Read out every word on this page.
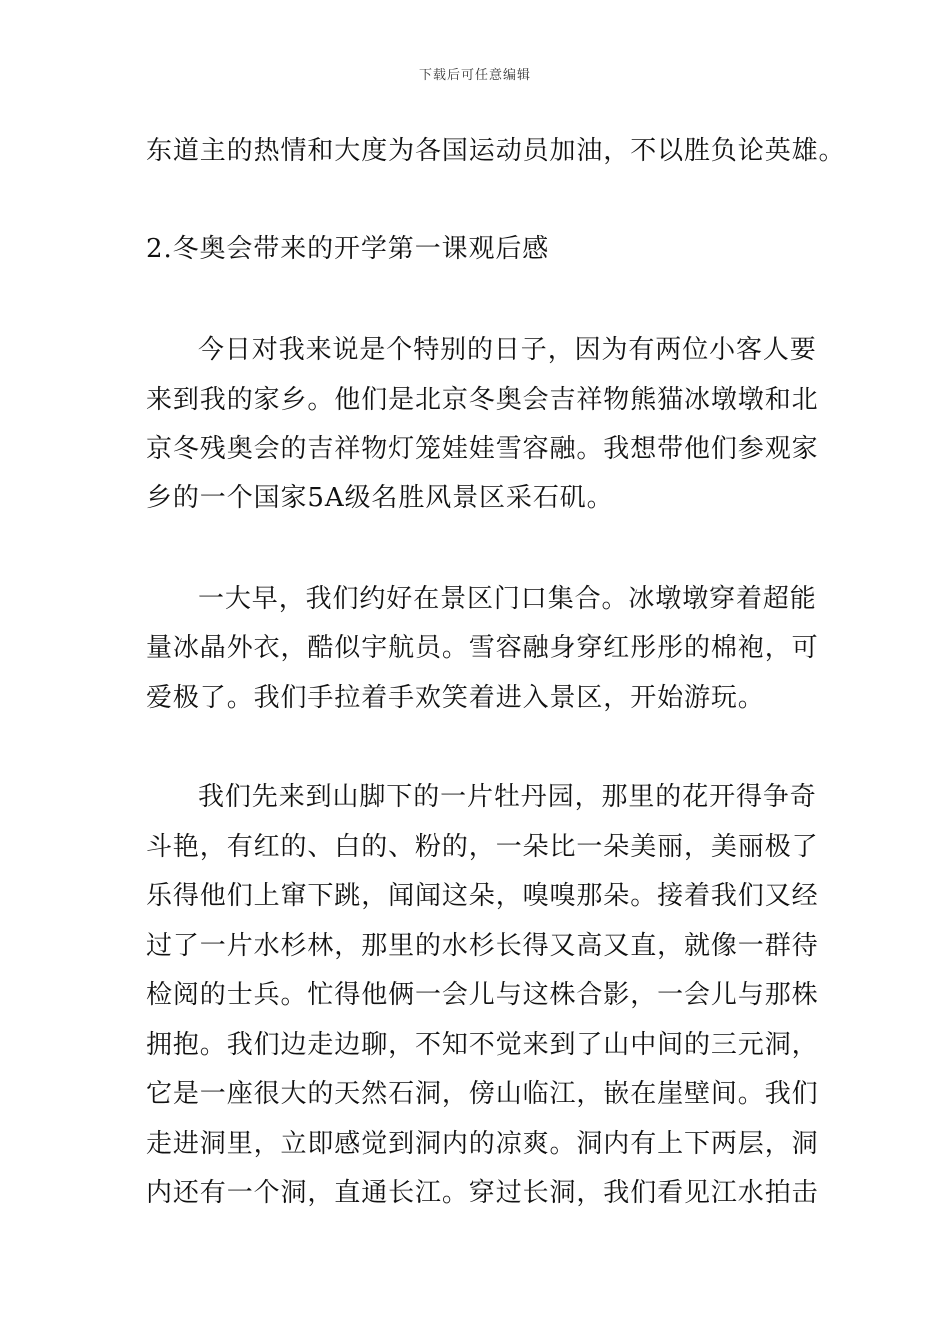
下载后可任意编辑
东道主的热情和大度为各国运动员加油，不以胜负论英雄。
2.冬奥会带来的开学第一课观后感
今日对我来说是个特别的日子，因为有两位小客人要
来到我的家乡。他们是北京冬奥会吉祥物熊猫冰墩墩和北
京冬残奥会的吉祥物灯笼娃娃雪容融。我想带他们参观家
乡的一个国家5A级名胜风景区采石矶。
一大早，我们约好在景区门口集合。冰墩墩穿着超能
量冰晶外衣，酷似宇航员。雪容融身穿红彤彤的棉袍，可
爱极了。我们手拉着手欢笑着进入景区，开始游玩。
我们先来到山脚下的一片牡丹园，那里的花开得争奇
斗艳，有红的、白的、粉的，一朵比一朵美丽，美丽极了
乐得他们上窜下跳，闻闻这朵，嗅嗅那朵。接着我们又经
过了一片水杉林，那里的水杉长得又高又直，就像一群待
检阅的士兵。忙得他俩一会儿与这株合影，一会儿与那株
拥抱。我们边走边聊，不知不觉来到了山中间的三元洞，
它是一座很大的天然石洞，傍山临江，嵌在崖壁间。我们
走进洞里，立即感觉到洞内的凉爽。洞内有上下两层，洞
内还有一个洞，直通长江。穿过长洞，我们看见江水拍击
